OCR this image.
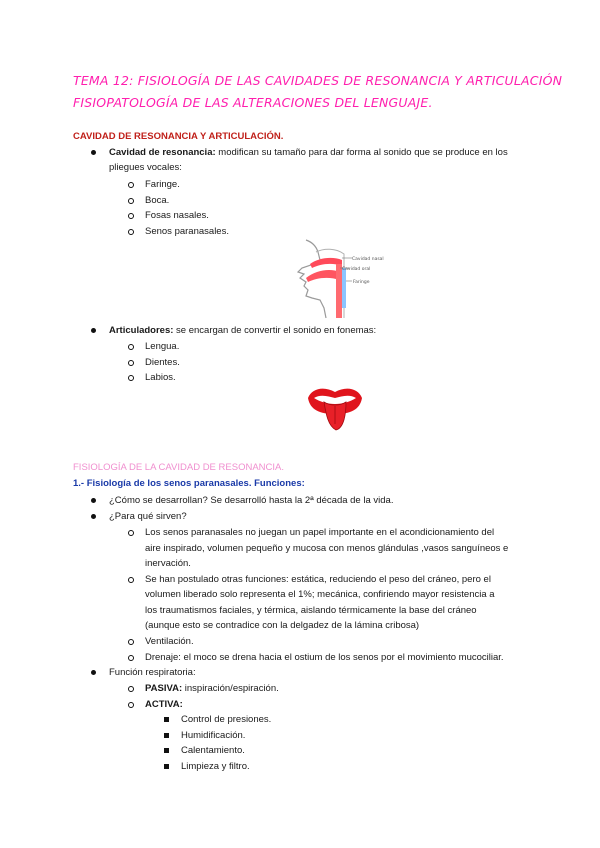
TEMA 12: FISIOLOGÍA DE LAS CAVIDADES DE RESONANCIA Y ARTICULACIÓN
FISIOPATOLOGÍA DE LAS ALTERACIONES DEL LENGUAJE.
CAVIDAD DE RESONANCIA Y ARTICULACIÓN.
Cavidad de resonancia: modifican su tamaño para dar forma al sonido que se produce en los
pliegues vocales:
Faringe.
Boca.
Fosas nasales.
Senos paranasales.
Cavidad nasal
Cavidad oral
Faringe
Articuladores: se encargan de convertir el sonido en fonemas:
Lengua.
Dientes.
Labios.
FISIOLOGÍA DE LA CAVIDAD DE RESONANCIA.
1.- Fisiología de los senos paranasales. Funciones:
¿Cómo se desarrollan? Se desarrolló hasta la 2ª década de la vida.
¿Para qué sirven?
Los senos paranasales no juegan un papel importante en el acondicionamiento del
aire inspirado, volumen pequeño y mucosa con menos glándulas ,vasos sanguíneos e
inervación.
Se han postulado otras funciones: estática, reduciendo el peso del cráneo, pero el
volumen liberado solo representa el 1%; mecánica, confiriendo mayor resistencia a
los traumatismos faciales, y térmica, aislando térmicamente la base del cráneo
(aunque esto se contradice con la delgadez de la lámina cribosa)
Ventilación.
Drenaje: el moco se drena hacia el ostium de los senos por el movimiento mucociliar.
Función respiratoria:
PASIVA: inspiración/espiración.
ACTIVA:
Control de presiones.
Humidificación.
Calentamiento.
Limpieza y filtro.
